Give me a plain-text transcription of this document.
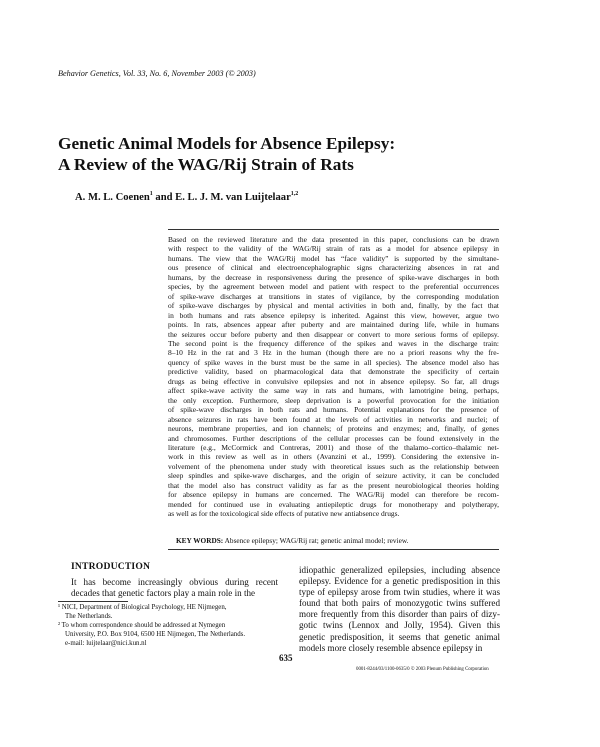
Behavior Genetics, Vol. 33, No. 6, November 2003 (© 2003)
Genetic Animal Models for Absence Epilepsy:
A Review of the WAG/Rij Strain of Rats
A. M. L. Coenen$^1$ and E. L. J. M. van Luijtelaar$^{1,2}$
Based on the reviewed literature and the data presented in this paper, conclusions can be drawn
with respect to the validity of the WAG/Rij strain of rats as a model for absence epilepsy in
humans. The view that the WAG/Rij model has “face validity” is supported by the simultane-
ous presence of clinical and electroencephalographic signs characterizing absences in rat and
humans, by the decrease in responsiveness during the presence of spike-wave discharges in both
species, by the agreement between model and patient with respect to the preferential occurrences
of spike-wave discharges at transitions in states of vigilance, by the corresponding modulation
of spike-wave discharges by physical and mental activities in both and, finally, by the fact that
in both humans and rats absence epilepsy is inherited. Against this view, however, argue two
points. In rats, absences appear after puberty and are maintained during life, while in humans
the seizures occur before puberty and then disappear or convert to more serious forms of epilepsy.
The second point is the frequency difference of the spikes and waves in the discharge train:
8–10 Hz in the rat and 3 Hz in the human (though there are no a priori reasons why the fre-
quency of spike waves in the burst must be the same in all species). The absence model also has
predictive validity, based on pharmacological data that demonstrate the specificity of certain
drugs as being effective in convulsive epilepsies and not in absence epilepsy. So far, all drugs
affect spike-wave activity the same way in rats and humans, with lamotrigine being, perhaps,
the only exception. Furthermore, sleep deprivation is a powerful provocation for the initiation
of spike-wave discharges in both rats and humans. Potential explanations for the presence of
absence seizures in rats have been found at the levels of activities in networks and nuclei; of
neurons, membrane properties, and ion channels; of proteins and enzymes; and, finally, of genes
and chromosomes. Further descriptions of the cellular processes can be found extensively in the
literature (e.g., McCormick and Contreras, 2001) and those of the thalamo–cortico–thalamic net-
work in this review as well as in others (Avanzini et al., 1999). Considering the extensive in-
volvement of the phenomena under study with theoretical issues such as the relationship between
sleep spindles and spike-wave discharges, and the origin of seizure activity, it can be concluded
that the model also has construct validity as far as the present neurobiological theories holding
for absence epilepsy in humans are concerned. The WAG/Rij model can therefore be recom-
mended for continued use in evaluating antiepileptic drugs for monotherapy and polytherapy,
as well as for the toxicological side effects of putative new antiabsence drugs.
KEY WORDS: Absence epilepsy; WAG/Rij rat; genetic animal model; review.
INTRODUCTION
It has become increasingly obvious during recent
decades that genetic factors play a main role in the
idiopathic generalized epilepsies, including absence
epilepsy. Evidence for a genetic predisposition in this
type of epilepsy arose from twin studies, where it was
found that both pairs of monozygotic twins suffered
more frequently from this disorder than pairs of dizy-
gotic twins (Lennox and Jolly, 1954). Given this
genetic predisposition, it seems that genetic animal
models more closely resemble absence epilepsy in
¹ NICI, Department of Biological Psychology, HE Nijmegen,
The Netherlands.
² To whom correspondence should be addressed at Nymegen
University, P.O. Box 9104, 6500 HE Nijmegen, The Netherlands.
e-mail: luijtelaar@nici.kun.nl
635
0001-8244/03/1100-0635/0 © 2003 Plenum Publishing Corporation
